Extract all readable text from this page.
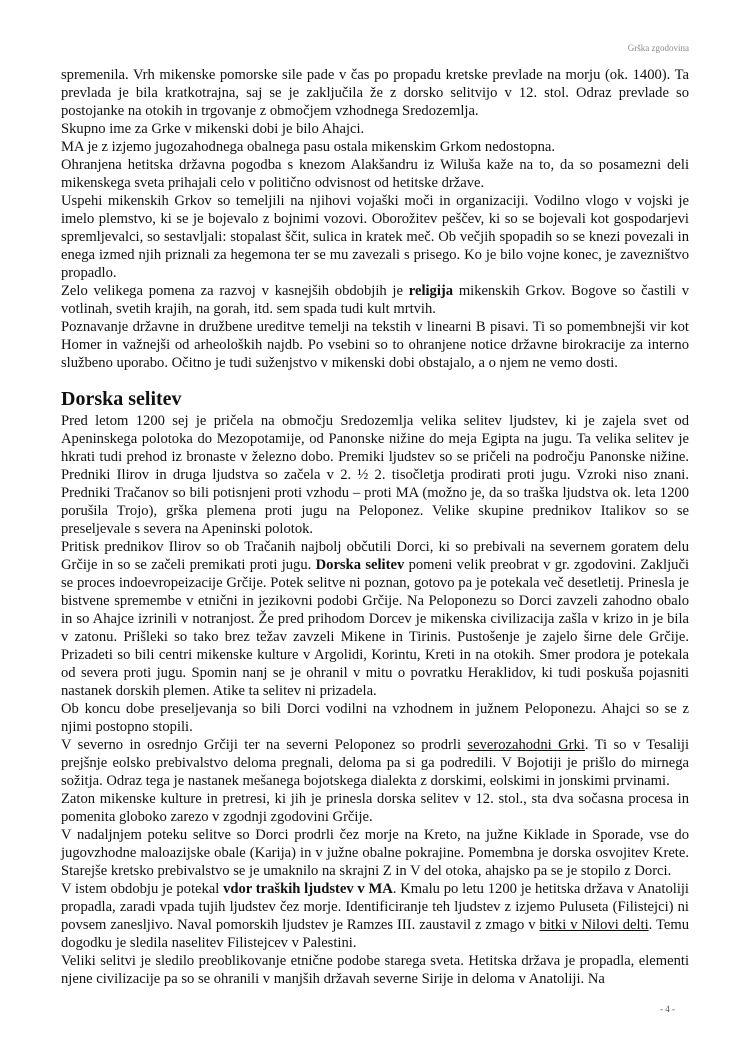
Grška zgodovina

spremenila. Vrh mikenske pomorske sile pade v čas po propadu kretske prevlade na morju (ok. 1400). Ta prevlada je bila kratkotrajna, saj se je zaključila že z dorsko selitvijo v 12. stol. Odraz prevlade so postojanke na otokih in trgovanje z območjem vzhodnega Sredozemlja.

Skupno ime za Grke v mikenski dobi je bilo Ahajci.

MA je z izjemo jugozahodnega obalnega pasu ostala mikenskim Grkom nedostopna.

Ohranjena hetitska državna pogodba s knezom Alakšandru iz Wiluša kaže na to, da so posamezni deli mikenskega sveta prihajali celo v politično odvisnost od hetitske države.

Uspehi mikenskih Grkov so temeljili na njihovi vojaški moči in organizaciji. Vodilno vlogo v vojski je imelo plemstvo, ki se je bojevalo z bojnimi vozovi. Oborožitev peščev, ki so se bojevali kot gospodarjevi spremljevalci, so sestavljali: stopalast ščit, sulica in kratek meč. Ob večjih spopadih so se knezi povezali in enega izmed njih priznali za hegemona ter se mu zavezali s prisego. Ko je bilo vojne konec, je zavezništvo propadlo.

Zelo velikega pomena za razvoj v kasnejših obdobjih je religija mikenskih Grkov. Bogove so častili v votlinah, svetih krajih, na gorah, itd. sem spada tudi kult mrtvih.

Poznavanje državne in družbene ureditve temelji na tekstih v linearni B pisavi. Ti so pomembnejši vir kot Homer in važnejši od arheoloških najdb. Po vsebini so to ohranjene notice državne birokracije za interno službeno uporabo. Očitno je tudi suženjstvo v mikenski dobi obstajalo, a o njem ne vemo dosti.

Dorska selitev

Pred letom 1200 sej je pričela na območju Sredozemlja velika selitev ljudstev, ki je zajela svet od Apeninskega polotoka do Mezopotamije, od Panonske nižine do meja Egipta na jugu. Ta velika selitev je hkrati tudi prehod iz bronaste v železno dobo. Premiki ljudstev so se pričeli na področju Panonske nižine. Predniki Ilirov in druga ljudstva so začela v 2. ½ 2. tisočletja prodirati proti jugu. Vzroki niso znani. Predniki Tračanov so bili potisnjeni proti vzhodu – proti MA (možno je, da so traška ljudstva ok. leta 1200 porušila Trojo), grška plemena proti jugu na Peloponez. Velike skupine prednikov Italikov so se preseljevale s severa na Apeninski polotok.

Pritisk prednikov Ilirov so ob Tračanih najbolj občutili Dorci, ki so prebivali na severnem goratem delu Grčije in so se začeli premikati proti jugu. Dorska selitev pomeni velik preobrat v gr. zgodovini. Zaključi se proces indoevropeizacije Grčije. Potek selitve ni poznan, gotovo pa je potekala več desetletij. Prinesla je bistvene spremembe v etnični in jezikovni podobi Grčije. Na Peloponezu so Dorci zavzeli zahodno obalo in so Ahajce izrinili v notranjost. Že pred prihodom Dorcev je mikenska civilizacija zašla v krizo in je bila v zatonu. Prišleki so tako brez težav zavzeli Mikene in Tirinis. Pustošenje je zajelo širne dele Grčije. Prizadeti so bili centri mikenske kulture v Argolidi, Korintu, Kreti in na otokih. Smer prodora je potekala od severa proti jugu. Spomin nanj se je ohranil v mitu o povratku Heraklidov, ki tudi poskuša pojasniti nastanek dorskih plemen. Atike ta selitev ni prizadela.

Ob koncu dobe preseljevanja so bili Dorci vodilni na vzhodnem in južnem Peloponezu. Ahajci so se z njimi postopno stopili.

V severno in osrednjo Grčiji ter na severni Peloponez so prodrli severozahodni Grki. Ti so v Tesaliji prejšnje eolsko prebivalstvo deloma pregnali, deloma pa si ga podredili. V Bojotiji je prišlo do mirnega sožitja. Odraz tega je nastanek mešanega bojotskega dialekta z dorskimi, eolskimi in jonskimi prvinami.

Zaton mikenske kulture in pretresi, ki jih je prinesla dorska selitev v 12. stol., sta dva sočasna procesa in pomenita globoko zarezo v zgodnji zgodovini Grčije.

V nadaljnjem poteku selitve so Dorci prodrli čez morje na Kreto, na južne Kiklade in Sporade, vse do jugovzhodne maloazijske obale (Karija) in v južne obalne pokrajine. Pomembna je dorska osvojitev Krete. Starejše kretsko prebivalstvo se je umaknilo na skrajni Z in V del otoka, ahajsko pa se je stopilo z Dorci.

V istem obdobju je potekal vdor traških ljudstev v MA. Kmalu po letu 1200 je hetitska država v Anatoliji propadla, zaradi vpada tujih ljudstev čez morje. Identificiranje teh ljudstev z izjemo Puluseta (Filistejci) ni povsem zanesljivo. Naval pomorskih ljudstev je Ramzes III. zaustavil z zmago v bitki v Nilovi delti. Temu dogodku je sledila naselitev Filistejcev v Palestini.

Veliki selitvi je sledilo preoblikovanje etnične podobe starega sveta. Hetitska država je propadla, elementi njene civilizacije pa so se ohranili v manjših državah severne Sirije in deloma v Anatoliji. Na

- 4 -
